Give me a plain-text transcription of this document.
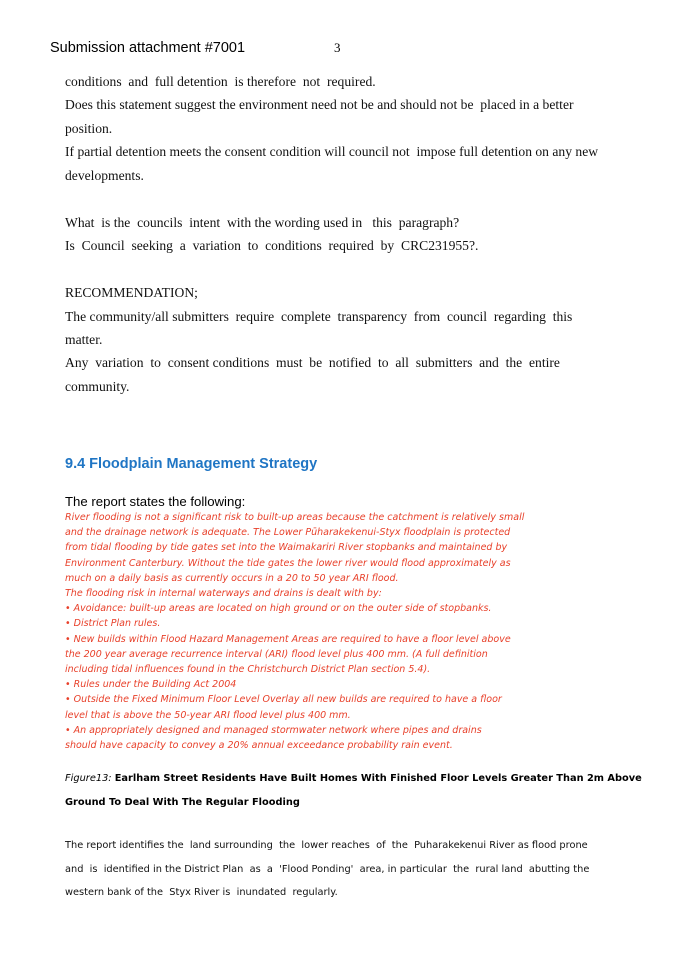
Submission attachment #7001	3
conditions  and  full detention  is therefore  not  required.
Does this statement suggest the environment need not be and should not be  placed in a better
position.
If partial detention meets the consent condition will council not  impose full detention on any new
developments.
What  is the  councils  intent  with the wording used in   this  paragraph?
Is  Council  seeking  a  variation  to  conditions  required  by  CRC231955?.
RECOMMENDATION;
The community/all submitters  require  complete  transparency  from  council  regarding  this
matter.
Any  variation  to  consent conditions  must  be  notified  to  all  submitters  and  the  entire
community.
9.4 Floodplain Management Strategy
The report states the following:
River flooding is not a significant risk to built-up areas because the catchment is relatively small
and the drainage network is adequate. The Lower Pūharakekenui-Styx floodplain is protected
from tidal flooding by tide gates set into the Waimakariri River stopbanks and maintained by
Environment Canterbury. Without the tide gates the lower river would flood approximately as
much on a daily basis as currently occurs in a 20 to 50 year ARI flood.
The flooding risk in internal waterways and drains is dealt with by:
• Avoidance: built-up areas are located on high ground or on the outer side of stopbanks.
• District Plan rules.
• New builds within Flood Hazard Management Areas are required to have a floor level above
the 200 year average recurrence interval (ARI) flood level plus 400 mm. (A full definition
including tidal influences found in the Christchurch District Plan section 5.4).
• Rules under the Building Act 2004
• Outside the Fixed Minimum Floor Level Overlay all new builds are required to have a floor
level that is above the 50-year ARI flood level plus 400 mm.
• An appropriately designed and managed stormwater network where pipes and drains
should have capacity to convey a 20% annual exceedance probability rain event.
Figure13: Earlham Street Residents Have Built Homes With Finished Floor Levels Greater Than 2m Above
Ground To Deal With The Regular Flooding
The report identifies the  land surrounding  the  lower reaches  of  the  Puharakekenui River as flood prone
and  is  identified in the District Plan  as  a  'Flood Ponding'  area, in particular  the  rural land  abutting the
western bank of the  Styx River is  inundated  regularly.
